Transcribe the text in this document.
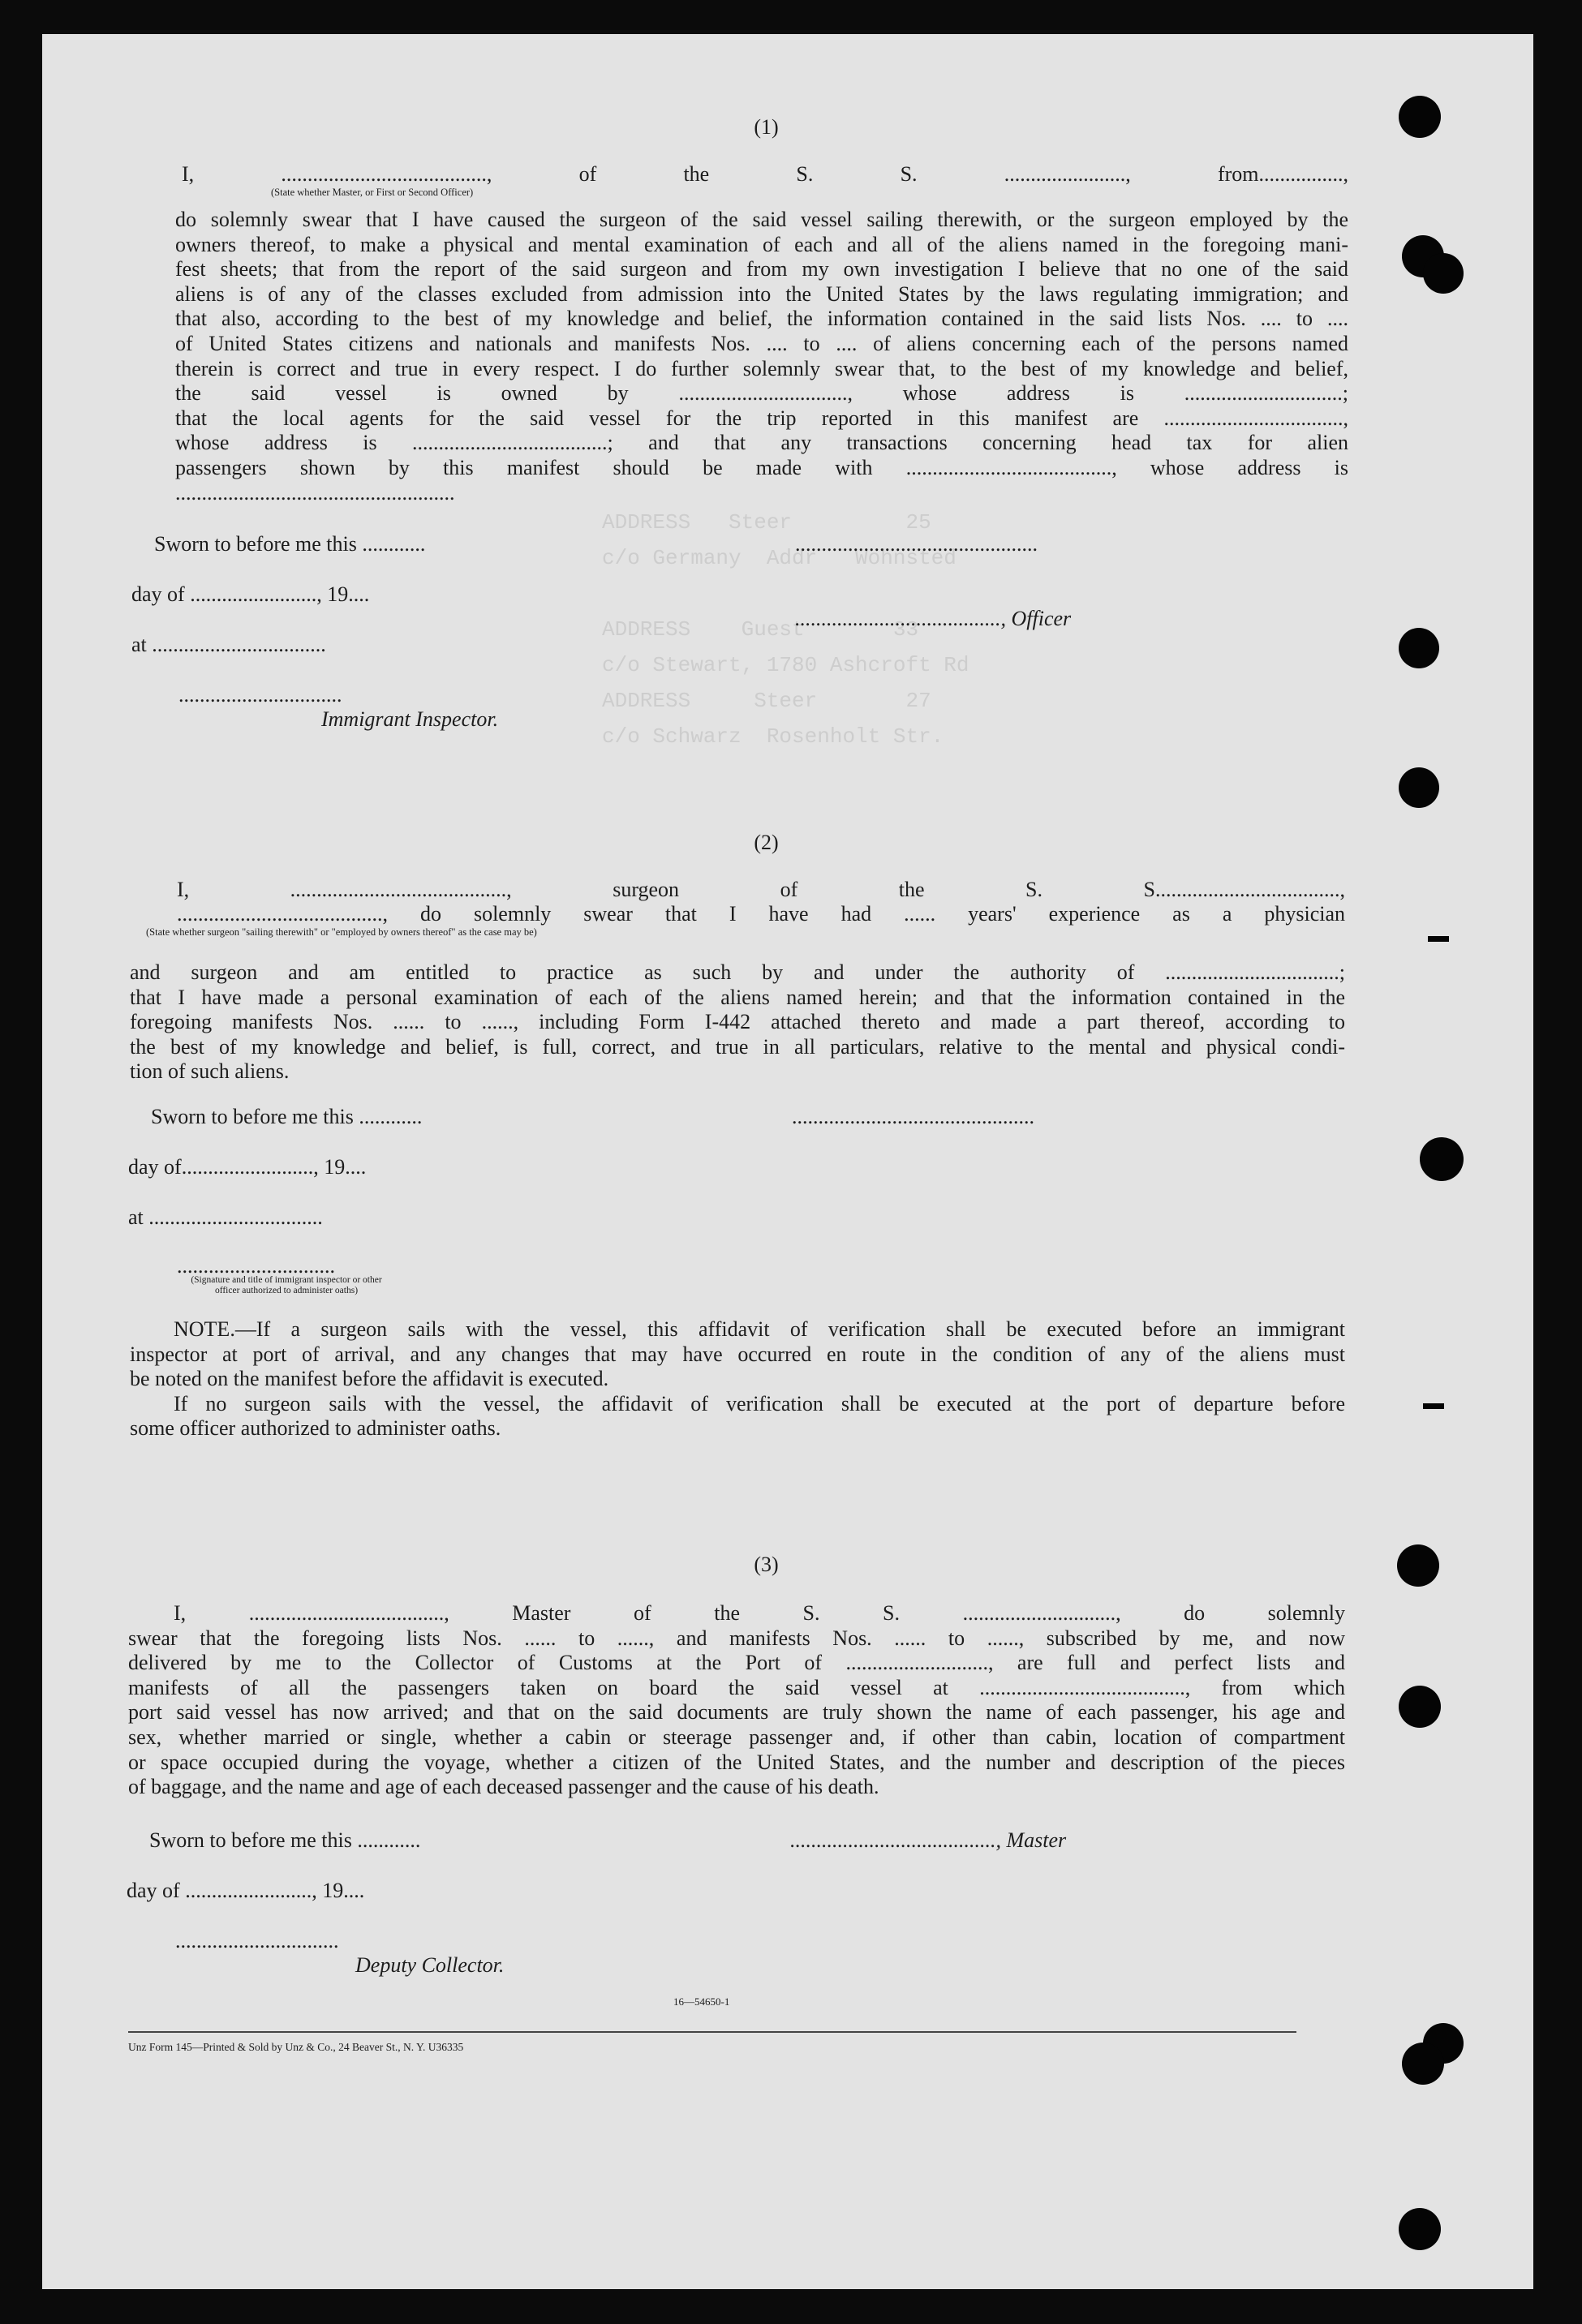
ADDRESS   Steer         25
c/o Germany  Addr   Wohnsted

ADDRESS    Guest       33
c/o Stewart, 1780 Ashcroft Rd
ADDRESS     Steer       27
c/o Schwarz  Rosenholt Str.
(1)
I, ......................................., of the S. S. ......................., from................,
(State whether Master, or First or Second Officer)
do solemnly swear that I have caused the surgeon of the said vessel sailing therewith, or the surgeon employed by the
owners thereof, to make a physical and mental examination of each and all of the aliens named in the foregoing mani-
fest sheets; that from the report of the said surgeon and from my own investigation I believe that no one of the said
aliens is of any of the classes excluded from admission into the United States by the laws regulating immigration; and
that also, according to the best of my knowledge and belief, the information contained in the said lists Nos. .... to ....
of United States citizens and nationals and manifests Nos. .... to .... of aliens concerning each of the persons named
therein is correct and true in every respect. I do further solemnly swear that, to the best of my knowledge and belief,
the said vessel is owned by ................................, whose address is ..............................;
that the local agents for the said vessel for the trip reported in this manifest are ..................................,
whose address is .....................................; and that any transactions concerning head tax for alien
passengers shown by this manifest should be made with ......................................., whose address is
.....................................................
Sworn to before me this ............	..............................................
day of ........................, 19....
......................................., Officer
at .................................
...............................
Immigrant Inspector.
(2)
I, ........................................., surgeon of the S. S...................................,
......................................., do solemnly swear that I have had ...... years' experience as a physician
(State whether surgeon "sailing therewith" or "employed by owners thereof" as the case may be)
and surgeon and am entitled to practice as such by and under the authority of .................................;
that I have made a personal examination of each of the aliens named herein; and that the information contained in the
foregoing manifests Nos. ...... to ......, including Form I-442 attached thereto and made a part thereof, according to
the best of my knowledge and belief, is full, correct, and true in all particulars, relative to the mental and physical condi-
tion of such aliens.
Sworn to before me this ............	..............................................
day of........................., 19....
at .................................
..............................
(Signature and title of immigrant inspector or other officer authorized to administer oaths)
NOTE.—If a surgeon sails with the vessel, this affidavit of verification shall be executed before an immigrant
inspector at port of arrival, and any changes that may have occurred en route in the condition of any of the aliens must
be noted on the manifest before the affidavit is executed.
If no surgeon sails with the vessel, the affidavit of verification shall be executed at the port of departure before
some officer authorized to administer oaths.
(3)
I, ....................................., Master of the S. S. ............................., do solemnly
swear that the foregoing lists Nos. ...... to ......, and manifests Nos. ...... to ......, subscribed by me, and now
delivered by me to the Collector of Customs at the Port of ..........................., are full and perfect lists and
manifests of all the passengers taken on board the said vessel at ......................................., from which
port said vessel has now arrived; and that on the said documents are truly shown the name of each passenger, his age and
sex, whether married or single, whether a cabin or steerage passenger and, if other than cabin, location of compartment
or space occupied during the voyage, whether a citizen of the United States, and the number and description of the pieces
of baggage, and the name and age of each deceased passenger and the cause of his death.
Sworn to before me this ............	......................................., Master
day of ........................, 19....
...............................
Deputy Collector.
16—54650-1
Unz Form 145—Printed & Sold by Unz & Co., 24 Beaver St., N. Y. U36335
